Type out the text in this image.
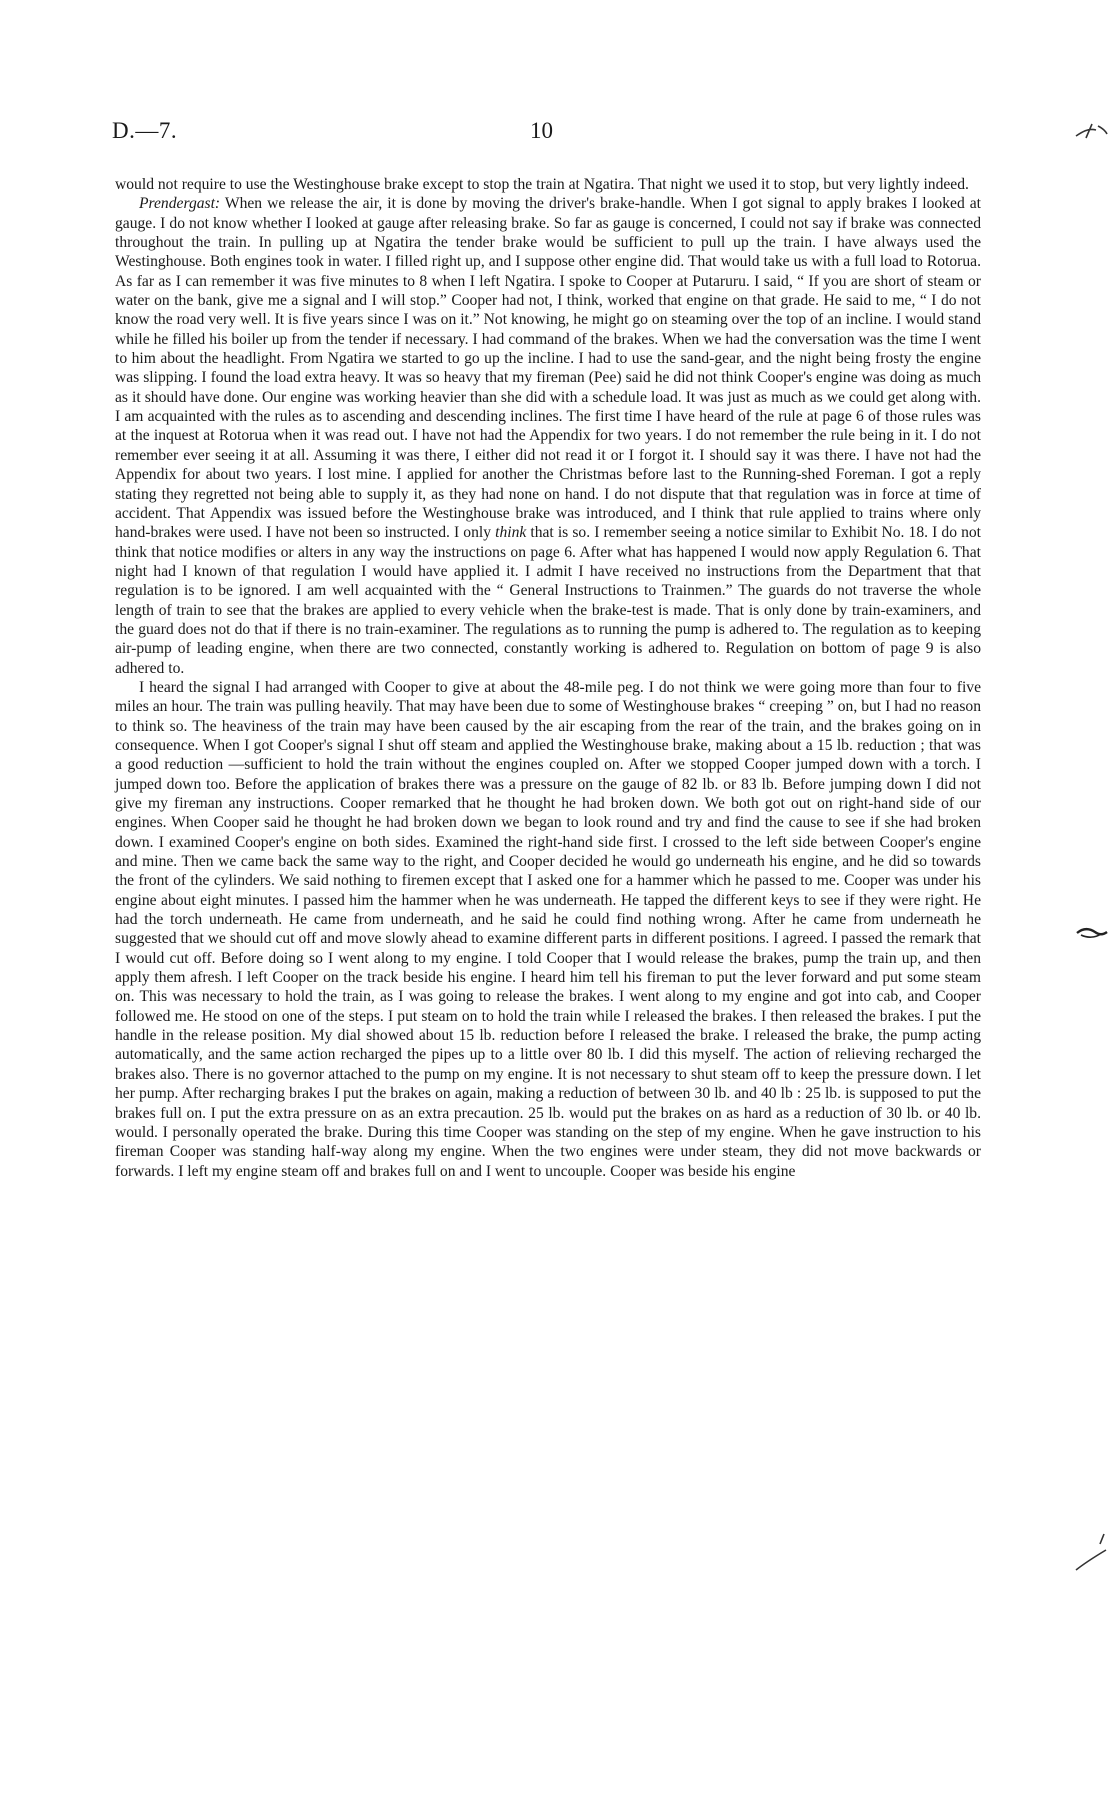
D.—7.	10

would not require to use the Westinghouse brake except to stop the train at Ngatira. That night we used it to stop, but very lightly indeed.

Prendergast: When we release the air, it is done by moving the driver's brake-handle. When I got signal to apply brakes I looked at gauge. I do not know whether I looked at gauge after releasing brake. So far as gauge is concerned, I could not say if brake was connected throughout the train. In pulling up at Ngatira the tender brake would be sufficient to pull up the train. I have always used the Westinghouse. Both engines took in water. I filled right up, and I suppose other engine did. That would take us with a full load to Rotorua. As far as I can remember it was five minutes to 8 when I left Ngatira. I spoke to Cooper at Putaruru. I said, “ If you are short of steam or water on the bank, give me a signal and I will stop.” Cooper had not, I think, worked that engine on that grade. He said to me, “ I do not know the road very well. It is five years since I was on it.” Not knowing, he might go on steaming over the top of an incline. I would stand while he filled his boiler up from the tender if necessary. I had command of the brakes. When we had the conversation was the time I went to him about the headlight. From Ngatira we started to go up the incline. I had to use the sand-gear, and the night being frosty the engine was slipping. I found the load extra heavy. It was so heavy that my fireman (Pee) said he did not think Cooper's engine was doing as much as it should have done. Our engine was working heavier than she did with a schedule load. It was just as much as we could get along with. I am acquainted with the rules as to ascending and descending inclines. The first time I have heard of the rule at page 6 of those rules was at the inquest at Rotorua when it was read out. I have not had the Appendix for two years. I do not remember the rule being in it. I do not remember ever seeing it at all. Assuming it was there, I either did not read it or I forgot it. I should say it was there. I have not had the Appendix for about two years. I lost mine. I applied for another the Christmas before last to the Running-shed Foreman. I got a reply stating they regretted not being able to supply it, as they had none on hand. I do not dispute that that regulation was in force at time of accident. That Appendix was issued before the Westinghouse brake was introduced, and I think that rule applied to trains where only hand-brakes were used. I have not been so instructed. I only think that is so. I remember seeing a notice similar to Exhibit No. 18. I do not think that notice modifies or alters in any way the instructions on page 6. After what has happened I would now apply Regulation 6. That night had I known of that regulation I would have applied it. I admit I have received no instructions from the Department that that regulation is to be ignored. I am well acquainted with the “ General Instructions to Trainmen.” The guards do not traverse the whole length of train to see that the brakes are applied to every vehicle when the brake-test is made. That is only done by train-examiners, and the guard does not do that if there is no train-examiner. The regulations as to running the pump is adhered to. The regulation as to keeping air-pump of leading engine, when there are two connected, constantly working is adhered to. Regulation on bottom of page 9 is also adhered to.

I heard the signal I had arranged with Cooper to give at about the 48-mile peg. I do not think we were going more than four to five miles an hour. The train was pulling heavily. That may have been due to some of Westinghouse brakes “ creeping ” on, but I had no reason to think so. The heaviness of the train may have been caused by the air escaping from the rear of the train, and the brakes going on in consequence. When I got Cooper's signal I shut off steam and applied the Westinghouse brake, making about a 15 lb. reduction ; that was a good reduction —sufficient to hold the train without the engines coupled on. After we stopped Cooper jumped down with a torch. I jumped down too. Before the application of brakes there was a pressure on the gauge of 82 lb. or 83 lb. Before jumping down I did not give my fireman any instructions. Cooper remarked that he thought he had broken down. We both got out on right-hand side of our engines. When Cooper said he thought he had broken down we began to look round and try and find the cause to see if she had broken down. I examined Cooper's engine on both sides. Examined the right-hand side first. I crossed to the left side between Cooper's engine and mine. Then we came back the same way to the right, and Cooper decided he would go underneath his engine, and he did so towards the front of the cylinders. We said nothing to firemen except that I asked one for a hammer which he passed to me. Cooper was under his engine about eight minutes. I passed him the hammer when he was underneath. He tapped the different keys to see if they were right. He had the torch underneath. He came from underneath, and he said he could find nothing wrong. After he came from underneath he suggested that we should cut off and move slowly ahead to examine different parts in different positions. I agreed. I passed the remark that I would cut off. Before doing so I went along to my engine. I told Cooper that I would release the brakes, pump the train up, and then apply them afresh. I left Cooper on the track beside his engine. I heard him tell his fireman to put the lever forward and put some steam on. This was necessary to hold the train, as I was going to release the brakes. I went along to my engine and got into cab, and Cooper followed me. He stood on one of the steps. I put steam on to hold the train while I released the brakes. I then released the brakes. I put the handle in the release position. My dial showed about 15 lb. reduction before I released the brake. I released the brake, the pump acting automatically, and the same action recharged the pipes up to a little over 80 lb. I did this myself. The action of relieving recharged the brakes also. There is no governor attached to the pump on my engine. It is not necessary to shut steam off to keep the pressure down. I let her pump. After recharging brakes I put the brakes on again, making a reduction of between 30 lb. and 40 lb : 25 lb. is supposed to put the brakes full on. I put the extra pressure on as an extra precaution. 25 lb. would put the brakes on as hard as a reduction of 30 lb. or 40 lb. would. I personally operated the brake. During this time Cooper was standing on the step of my engine. When he gave instruction to his fireman Cooper was standing half-way along my engine. When the two engines were under steam, they did not move backwards or forwards. I left my engine steam off and brakes full on and I went to uncouple. Cooper was beside his engine
